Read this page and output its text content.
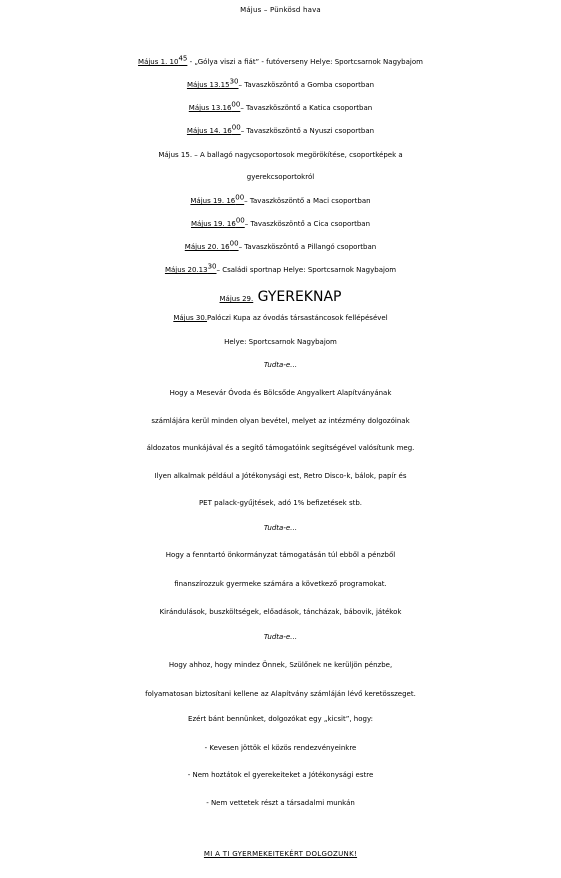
Május – Pünkösd hava
Május 1. $10^{45}$ - „Gólya viszi a fiát” - futóverseny Helye: Sportcsarnok Nagybajom
Május 13.15$^{30}$– Tavaszköszöntő a Gomba csoportban
Május 13.16$^{00}$– Tavaszköszöntő a Katica csoportban
Május 14. $16^{00}-$ Tavaszköszöntő a Nyuszi csoportban
Május 15. – A ballagó nagycsoportosok megörökítése, csoportképek a
gyerekcsoportokról
Május 19. $16^{00}-$ Tavaszköszöntő a Maci csoportban
Május 19. $16^{00}-$ Tavaszköszöntő a Cica csoportban
Május 20. $16^{00}-$ Tavaszköszöntő a Pillangó csoportban
Május 20.13$^{30}$– Családi sportnap Helye: Sportcsarnok Nagybajom
Május 29. GYEREKNAP
Május 30.Palóczi Kupa az óvodás társastáncosok fellépésével
Helye: Sportcsarnok Nagybajom
Tudta-e…
Hogy a Mesevár Óvoda és Bölcsőde Angyalkert Alapítványának
számlájára kerül minden olyan bevétel, melyet az intézmény dolgozóinak
áldozatos munkájával és a segítő támogatóink segítségével valósítunk meg.
Ilyen alkalmak például a Jótékonysági est, Retro Disco-k, bálok, papír és
PET palack-gyűjtések, adó 1% befizetések stb.
Tudta-e…
Hogy a fenntartó önkormányzat támogatásán túl ebből a pénzből
finanszírozzuk gyermeke számára a következő programokat.
Kirándulások, buszköltségek, előadások, táncházak, bábovik, játékok
Tudta-e…
Hogy ahhoz, hogy mindez Önnek, Szülőnek ne kerüljön pénzbe,
folyamatosan biztosítani kellene az Alapítvány számláján lévő keretösszeget.
Ezért bánt bennünket, dolgozókat egy „kicsit”, hogy:
- Kevesen jöttök el közös rendezvényeinkre
- Nem hoztátok el gyerekeiteket a Jótékonysági estre
- Nem vettetek részt a társadalmi munkán
MI A TI GYERMEKEITEKÉRT DOLGOZUNK!
